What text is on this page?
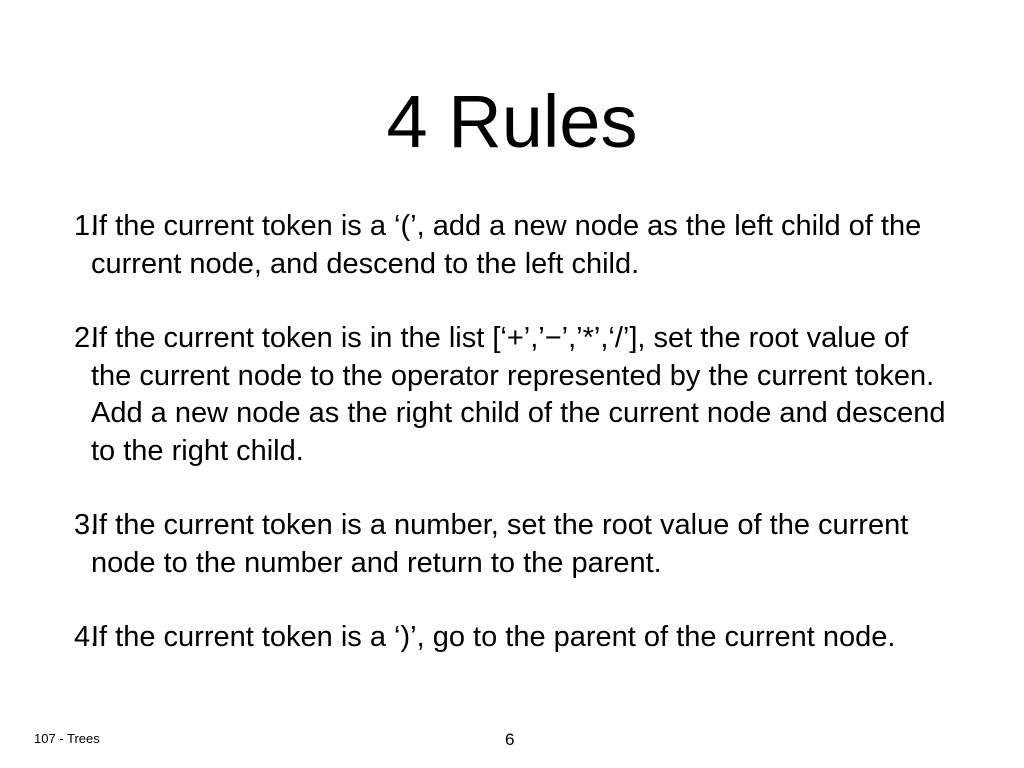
4 Rules
1.
If the current token is a ‘(’, add a new node as the left child of the current node, and descend to the left child.
2.
If the current token is in the list [‘+’,’−’,’*’,‘/’], set the root value of the current node to the operator represented by the current token. Add a new node as the right child of the current node and descend to the right child.
3.
If the current token is a number, set the root value of the current node to the number and return to the parent.
4.
If the current token is a ‘)’, go to the parent of the current node.
107 - Trees	6
